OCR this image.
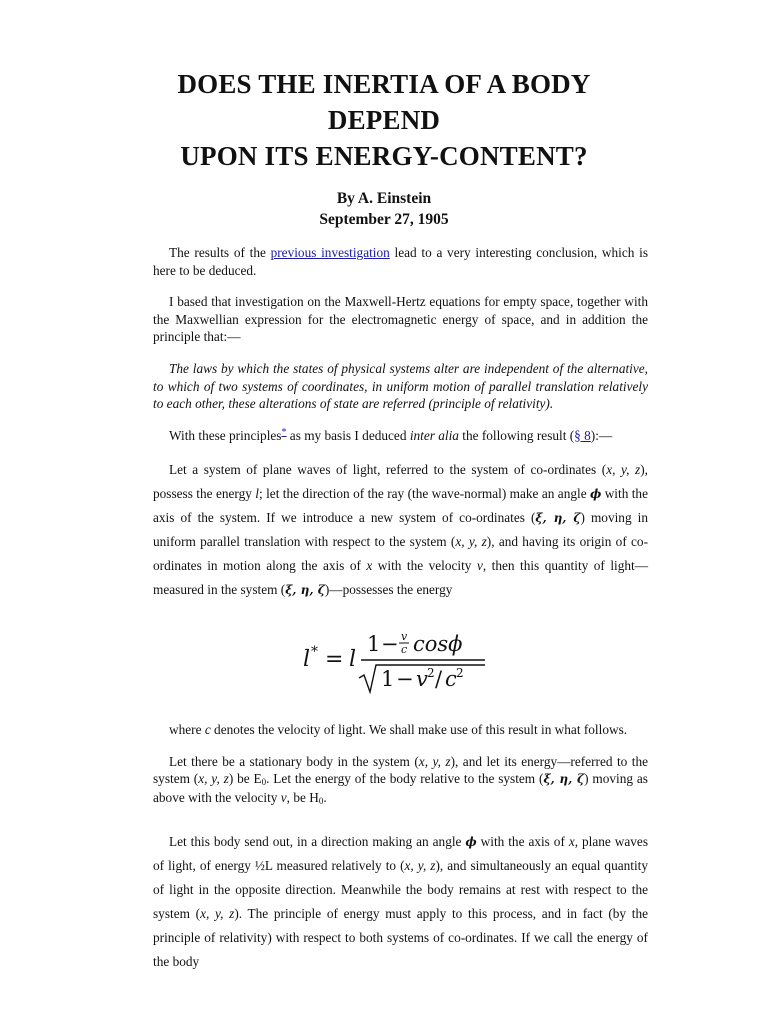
DOES THE INERTIA OF A BODY
DEPEND
UPON ITS ENERGY-CONTENT?
By A. Einstein
September 27, 1905

The results of the previous investigation lead to a very interesting conclusion, which is here to be deduced.

I based that investigation on the Maxwell-Hertz equations for empty space, together with the Maxwellian expression for the electromagnetic energy of space, and in addition the principle that:—

The laws by which the states of physical systems alter are independent of the alternative, to which of two systems of coordinates, in uniform motion of parallel translation relatively to each other, these alterations of state are referred (principle of relativity).

With these principles* as my basis I deduced inter alia the following result (§ 8):—

Let a system of plane waves of light, referred to the system of co-ordinates (x, y, z), possess the energy l; let the direction of the ray (the wave-normal) make an angle ϕ with the axis of the system. If we introduce a new system of co-ordinates (ξ, η, ζ) moving in uniform parallel translation with respect to the system (x, y, z), and having its origin of co-ordinates in motion along the axis of x with the velocity v, then this quantity of light—measured in the system (ξ, η, ζ)—possesses the energy

l * = l
1 − v
c cosϕ
1 − v 2 / c 2

where c denotes the velocity of light. We shall make use of this result in what follows.

Let there be a stationary body in the system (x, y, z), and let its energy—referred to the system (x, y, z) be $E_0$. Let the energy of the body relative to the system (ξ, η, ζ) moving as above with the velocity v, be $H_0$.

Let this body send out, in a direction making an angle ϕ with the axis of x, plane waves of light, of energy ½L measured relatively to (x, y, z), and simultaneously an equal quantity of light in the opposite direction. Meanwhile the body remains at rest with respect to the system (x, y, z). The principle of energy must apply to this process, and in fact (by the principle of relativity) with respect to both systems of co-ordinates. If we call the energy of the body
